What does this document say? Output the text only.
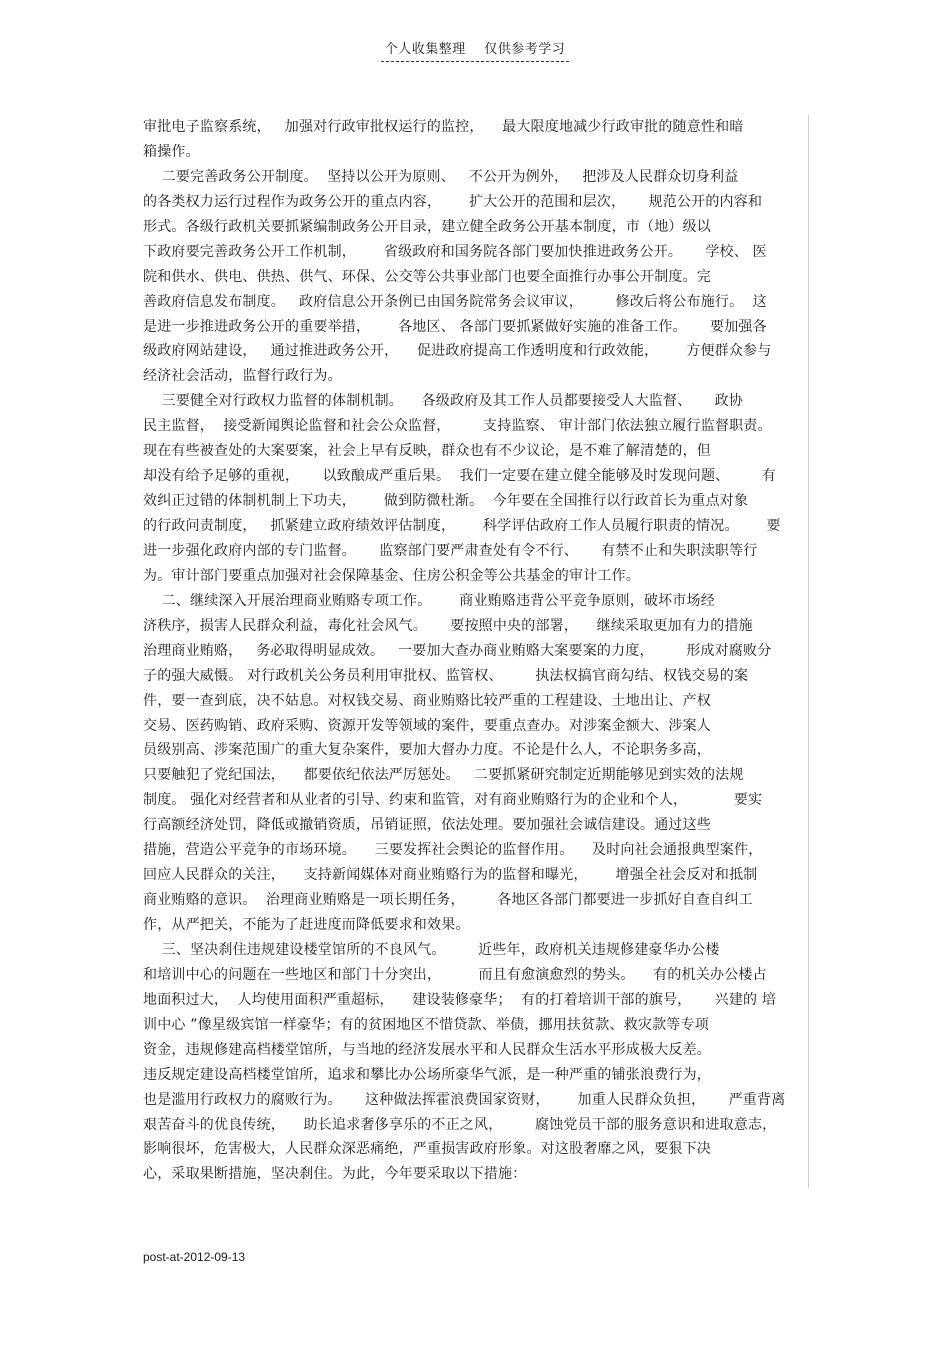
个人收集整理    仅供参考学习
审批电子监察系统，   加强对行政审批权运行的监控，    最大限度地减少行政审批的随意性和暗
箱操作。
二要完善政务公开制度。  坚持以公开为原则、   不公开为例外，   把涉及人民群众切身利益
的各类权力运行过程作为政务公开的重点内容，      扩大公开的范围和层次，     规范公开的内容和
形式。各级行政机关要抓紧编制政务公开目录，建立健全政务公开基本制度，市（地）级以
下政府要完善政务公开工作机制，      省级政府和国务院各部门要加快推进政务公开。     学校、 医
院和供水、供电、供热、供气、环保、公交等公共事业部门也要全面推行办事公开制度。完
善政府信息发布制度。   政府信息公开条例已由国务院常务会议审议，       修改后将公布施行。  这
是进一步推进政务公开的重要举措，      各地区、 各部门要抓紧做好实施的准备工作。     要加强各
级政府网站建设，   通过推进政务公开，    促进政府提高工作透明度和行政效能，      方便群众参与
经济社会活动，监督行政行为。
三要健全对行政权力监督的体制机制。    各级政府及其工作人员都要接受人大监督、     政协
民主监督，  接受新闻舆论监督和社会公众监督，       支持监察、 审计部门依法独立履行监督职责。
现在有些被查处的大案要案，社会上早有反映，群众也有不少议论，是不难了解清楚的，但
却没有给予足够的重视，     以致酿成严重后果。  我们一定要在建立健全能够及时发现问题、       有
效纠正过错的体制机制上下功夫，      做到防微杜渐。  今年要在全国推行以行政首长为重点对象
的行政问责制度，   抓紧建立政府绩效评估制度，      科学评估政府工作人员履行职责的情况。      要
进一步强化政府内部的专门监督。     监察部门要严肃查处有令不行、     有禁不止和失职渎职等行
为。审计部门要重点加强对社会保障基金、住房公积金等公共基金的审计工作。
二、继续深入开展治理商业贿赂专项工作。      商业贿赂违背公平竞争原则，破坏市场经
济秩序，损害人民群众利益，毒化社会风气。     要按照中央的部署，    继续采取更加有力的措施
治理商业贿赂，   务必取得明显成效。   一要加大查办商业贿赂大案要案的力度，       形成对腐败分
子的强大威慑。 对行政机关公务员利用审批权、监管权、       执法权搞官商勾结、权钱交易的案
件，要一查到底，决不姑息。对权钱交易、商业贿赂比较严重的工程建设、土地出让、产权
交易、医药购销、政府采购、资源开发等领域的案件，要重点查办。对涉案金额大、涉案人
员级别高、涉案范围广的重大复杂案件，要加大督办力度。不论是什么人，不论职务多高，
只要触犯了党纪国法，    都要依纪依法严厉惩处。   二要抓紧研究制定近期能够见到实效的法规
制度。 强化对经营者和从业者的引导、约束和监管，对有商业贿赂行为的企业和个人，          要实
行高额经济处罚，降低或撤销资质，吊销证照，依法处理。要加强社会诚信建设。通过这些
措施，营造公平竞争的市场环境。    三要发挥社会舆论的监督作用。    及时向社会通报典型案件，
回应人民群众的关注，    支持新闻媒体对商业贿赂行为的监督和曝光，      增强全社会反对和抵制
商业贿赂的意识。  治理商业贿赂是一项长期任务，       各地区各部门都要进一步抓好自查自纠工
作，从严把关，不能为了赶进度而降低要求和效果。
三、坚决刹住违规建设楼堂馆所的不良风气。       近些年，政府机关违规修建豪华办公楼
和培训中心的问题在一些地区和部门十分突出，        而且有愈演愈烈的势头。    有的机关办公楼占
地面积过大，  人均使用面积严重超标，    建设装修豪华；  有的打着培训干部的旗号，     兴建的 培
训中心 ”像星级宾馆一样豪华；有的贫困地区不惜贷款、举债，挪用扶贫款、救灾款等专项
资金，违规修建高档楼堂馆所，与当地的经济发展水平和人民群众生活水平形成极大反差。
违反规定建设高档楼堂馆所，追求和攀比办公场所豪华气派，是一种严重的铺张浪费行为，
也是滥用行政权力的腐败行为。     这种做法挥霍浪费国家资财，      加重人民群众负担，     严重背离
艰苦奋斗的优良传统，    助长追求奢侈享乐的不正之风，       腐蚀党员干部的服务意识和进取意志，
影响很坏，危害极大，人民群众深恶痛绝，严重损害政府形象。对这股奢靡之风，要狠下决
心，采取果断措施，坚决刹住。为此，今年要采取以下措施：
post-at-2012-09-13
